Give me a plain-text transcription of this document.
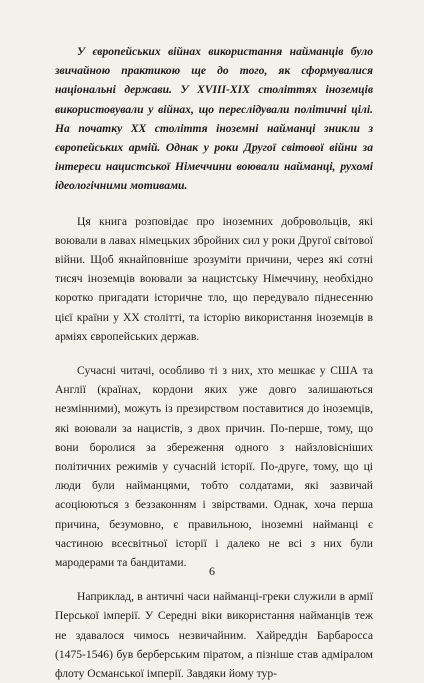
У європейських війнах використання найманців було звичайною практикою ще до того, як сформувалися національні держави. У XVIII-XIX століттях іноземців використовували у війнах, що переслідували політичні цілі. На початку XX століття іноземні найманці зникли з європейських армій. Однак у роки Другої світової війни за інтереси нацистської Німеччини воювали найманці, рухомі ідеологічними мотивами.

Ця книга розповідає про іноземних добровольців, які воювали в лавах німецьких збройних сил у роки Другої світової війни. Щоб якнайповніше зрозуміти причини, через які сотні тисяч іноземців воювали за нацистську Німеччину, необхідно коротко пригадати історичне тло, що передувало піднесенню цієї країни у XX столітті, та історію використання іноземців в арміях європейських держав.

Сучасні читачі, особливо ті з них, хто мешкає у США та Англії (країнах, кордони яких уже довго залишаються незмінними), можуть із презирством поставитися до іноземців, які воювали за нацистів, з двох причин. По-перше, тому, що вони боролися за збереження одного з найзловісніших політичних режимів у сучасній історії. По-друге, тому, що ці люди були найманцями, тобто солдатами, які зазвичай асоціюються з беззаконням і звірствами. Однак, хоча перша причина, безумовно, є правильною, іноземні найманці є частиною всесвітньої історії і далеко не всі з них були мародерами та бандитами.

Наприклад, в античні часи найманці-греки служили в армії Перської імперії. У Середні віки використання найманців теж не здавалося чимось незвичайним. Хайреддін Барбаросса (1475-1546) був берберським піратом, а пізніше став адміралом флоту Османської імперії. Завдяки йому тур-

6
